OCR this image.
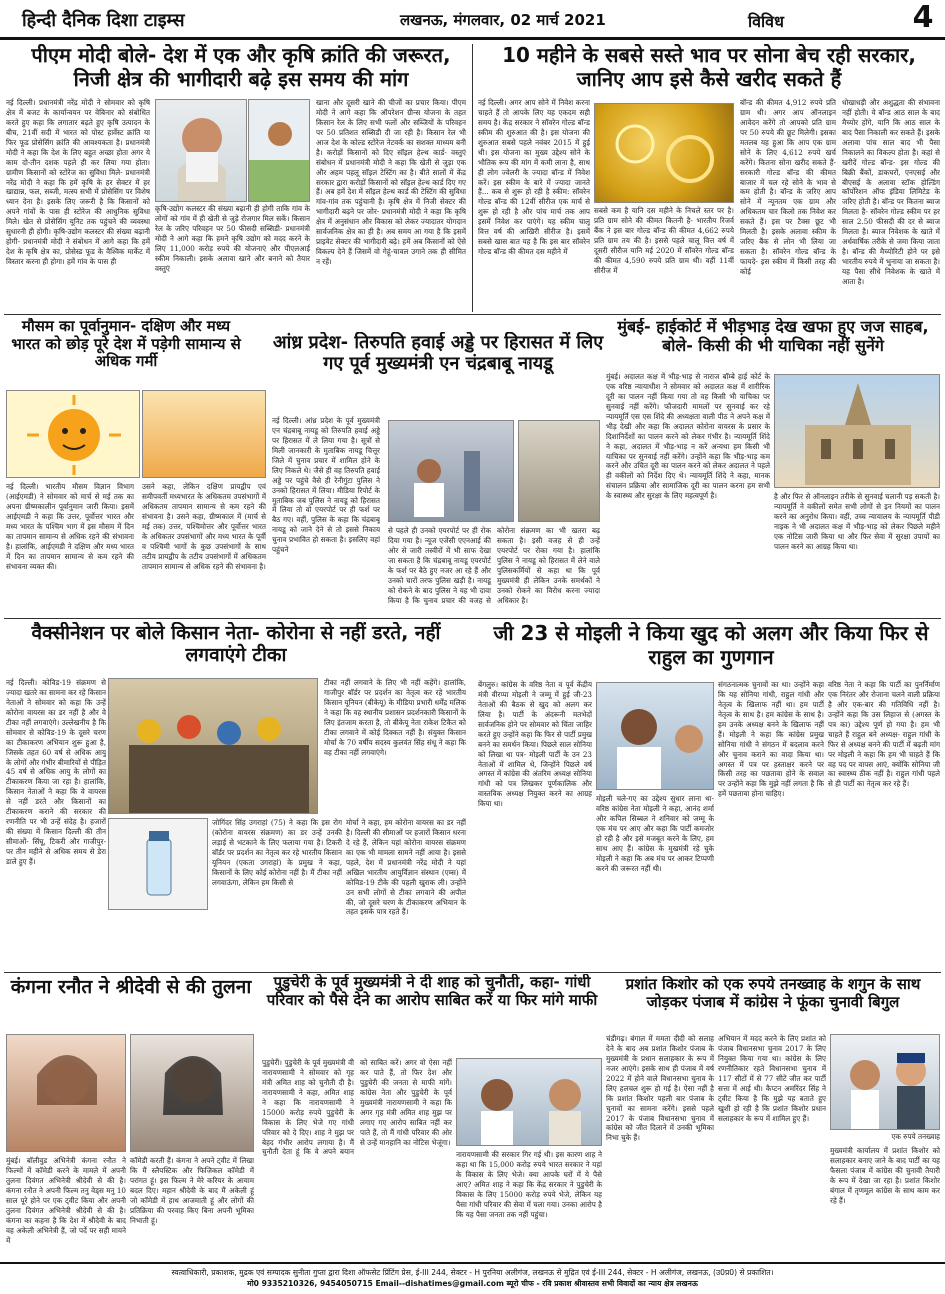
हिन्दी दैनिक दिशा टाइम्स	लखनऊ, मंगलवार, 02 मार्च 2021	विविध	4
पीएम मोदी बोले- देश में एक और कृषि क्रांति की जरूरत, निजी क्षेत्र की भागीदारी बढ़े इस समय की मांग
नई दिल्ली। प्रधानमंत्री नरेंद्र मोदी ने सोमवार को कृषि क्षेत्र में बजट के कार्यान्वयन पर वेबिनार को संबोधित करते हुए कहा कि लगातार बढ़ते हुए कृषि उत्पादन के बीच, 21वीं सदी में भारत को पोस्ट हार्वेस्ट क्रांति या फिर फूड प्रोसेसिंग क्रांति की आवश्यकता है। प्रधानमंत्री मोदी ने कहा कि देश के लिए बहुत अच्छा होता अगर ये काम दो-तीन दशक पहले ही कर लिया गया होता। ग्रामीण किसानों को स्टोरेज का सुविधा मिले- प्रधानमंत्री नरेंद्र मोदी ने कहा कि हमें कृषि के हर सेक्टर में हर खाद्यान्न, फल, सब्जी, मत्स्य सभी में प्रोसेसिंग पर विशेष ध्यान देना है। इसके लिए जरूरी है कि किसानों को अपने गांवों के पास ही स्टोरेज की आधुनिक सुविधा मिले। खेत से प्रोसेसिंग यूनिट तक पहुंचने की व्यवस्था सुधारनी ही होगी। कृषि-उद्योग कलस्टर की संख्या बढ़ानी होगी- प्रधानमंत्री मोदी ने संबोधन में आगे कहा कि हमें देश के कृषि क्षेत्र का, प्रोसेस्ड फूड के वैश्विक मार्केट में विस्तार करना ही होगा। हमें गांव के पास ही
क़ृषि-उद्योग कलस्टर की संख्या बढ़ानी ही होगी ताकि गांव के लोगों को गांव में ही खेती से जुड़े रोजगार मिल सकें। किसान रेल के जरिए परिवहन पर 50 फीसदी सब्सिडी- प्रधानमंत्री मोदी ने आगे कहा कि हमने कृषि उद्योग को मदद करने के लिए 11,000 करोड़ रुपये की योजनाएं और पीएलआई स्कीम निकाली। इसके अलावा खाने और बनाने को तैयार वस्तुएं
खाना और दूसरी खाने की चीजों का प्रचार किया। पीएम मोदी ने आगे कहा कि ऑपरेशन ग्रीन्स योजना के तहत किसान रेल के लिए सभी फलों और सब्जियों के परिवहन पर 50 प्रतिशत सब्सिडी दी जा रही है। किसान रेल भी आज देश के कोल्ड स्टोरेज नेटवर्क का सशक्त माध्यम बनी है। करोड़ों किसानों को दिए सॉइल हेल्थ कार्ड- वस्तुएं संबोधन में प्रधानमंत्री मोदी ने कहा कि खेती से जुड़ा एक और अहम पहलू सॉइल टेस्टिंग का है। बीते सालों में केंद्र सरकार द्वारा करोड़ों किसानों को सॉइल हेल्थ कार्ड दिए गए हैं। अब हमें देश में सॉइल हेल्थ कार्ड की टेस्टिंग की सुविधा गांव-गांव तक पहुंचानी है। कृषि क्षेत्र में निजी सेक्टर की भागीदारी बढ़ने पर जोर- प्रधानमंत्री मोदी ने कहा कि कृषि क्षेत्र में अनुसंधान और विकास को लेकर ज्यादातर योगदान सार्वजनिक क्षेत्र का ही है। अब समय आ गया है कि इसमें प्राइवेट सेक्टर की भागीदारी बढ़े। हमें अब किसानों को ऐसे विकल्प देने हैं जिसमें वो गेहूं-चावल उगाने तक ही सीमित न रहें।
10 महीने के सबसे सस्ते भाव पर सोना बेच रही सरकार, जानिए आप इसे कैसे खरीद सकते हैं
नई दिल्ली। अगर आप सोने में निवेश करना चाहते हैं तो आपके लिए यह एकदम सही समय है। केंद्र सरकार ने सॉवरेन गोल्ड बॉन्ड स्कीम की शुरुआत की है। इस योजना की शुरुआत सबसे पहले नवंबर 2015 में हुई थी। इस योजना का मुख्य उद्देश्य सोने के भौतिक रूप की मांग में कमी लाना है, साथ ही लोग ज्वेलरी के ज्यादा बॉन्ड में निवेश करें। इस स्कीम के बारे में ज्यादा जानते हैं... कब से शुरू हो रही है स्कीम: सॉवरेन गोल्ड बॉन्ड की 12वीं सीरीज एक मार्च से शुरू हो रही है और पांच मार्च तक आप इसमें निवेश कर पाएंगे। यह स्कीम चालू वित्त वर्ष की आखिरी सीरीज है। इसमें सबसे खास बात यह है कि इस बार सॉवरेन गोल्ड बॉन्ड की कीमत दस महीने में
सबसे कम है यानि दस महीने के निचले स्तर पर है। प्रति ग्राम सोने की कीमत कितनी है- भारतीय रिजर्व बैंक ने इस बार गोल्ड बॉन्ड की कीमत 4,662 रुपये प्रति ग्राम तय की है। इससे पहले चालू वित्त वर्ष में दूसरी सीरीज यानि मई 2020 में सॉवरेन गोल्ड बॉन्ड की कीमत 4,590 रुपये प्रति ग्राम थी। वहीं 11वीं सीरीज में
बॉन्ड की कीमत 4,912 रुपये प्रति ग्राम थी। अगर आप ऑनलाइन आवेदन करेंगे तो आपको प्रति ग्राम पर 50 रुपये की छूट मिलेगी। इसका मतलब यह हुआ कि आप एक ग्राम सोने के लिए 4,612 रुपये खर्च करेंगे। कितना सोना खरीद सकते हैं- सरकारी गोल्ड बॉन्ड की कीमत बाजार में चल रहे सोने के भाव से कम होती है। बॉन्ड के जरिए आप सोने में न्यूनतम एक ग्राम और अधिकतम चार किलो तक निवेश कर सकते हैं। इस पर टैक्स छूट भी मिलती है। इसके अलावा स्कीम के जरिए बैंक से लोन भी लिया जा सकता है। सॉवरेन गोल्ड बॉन्ड के फायदे- इस स्कीम में किसी तरह की कोई
धोखाधड़ी और अशुद्धता की संभावना नहीं होती। ये बॉन्ड आठ साल के बाद मैच्योर होंगे, यानि कि आठ साल के बाद पैसा निकाली कर सकते हैं। इसके अलावा पांच साल बाद भी पैसा निकालने का विकल्प होता है। कहां से खरीदें गोल्ड बॉन्ड- इस गोल्ड की बिक्री बैंकों, डाकघरों, एनएसई और बीएसई के अलावा स्टॉक होल्डिंग कॉर्पोरेशन ऑफ इंडिया लिमिटेड के जरिए होती है। बॉन्ड पर कितना ब्याज मिलता है- सॉवरेन गोल्ड स्कीम पर हर साल 2.50 फीसदी की दर से ब्याज मिलता है। ब्याज निवेशक के खाते में अर्धवार्षिक तरीके से जमा किया जाता है। बॉन्ड की मैच्योरिटी होने पर इसे भारतीय रुपये में भुनाया जा सकता है। यह पैसा सीधे निवेशक के खाते में आता है।
मौसम का पूर्वानुमान- दक्षिण और मध्य भारत को छोड़ पूरे देश में पड़ेगी सामान्य से अधिक गर्मी
नई दिल्ली। भारतीय मौसम विज्ञान विभाग (आईएमडी) ने सोमवार को मार्च से मई तक का अपना ग्रीष्मकालीन पूर्वानुमान जारी किया। इसमें आईएमडी ने कहा कि उत्तर, पूर्वोत्तर भारत और मध्य भारत के पश्चिम भाग में इस मौसम में दिन का तापमान सामान्य से अधिक रहने की संभावना है। हालांकि, आईएमडी ने दक्षिण और मध्य भारत में दिन का तापमान सामान्य से कम रहने की संभावना व्यक्त की।
उसने कहा, लेकिन दक्षिण प्रायद्वीप एवं समीपवर्ती मध्यभारत के अधिकतम उपसंभागों में अधिकतम तापमान सामान्य से कम रहने की संभावना है। उसने कहा, ग्रीष्मकाल में (मार्च से मई तक) उत्तर, पश्चिमोत्तर और पूर्वोत्तर भारत के अधिकतर उपसंभागों और मध्य भारत के पूर्वी व पश्चिमी भागों के कुछ उपसंभागों के साथ तटीय प्रायद्वीप के तटीय उपसंभागों में अधिकतम तापमान सामान्य से अधिक रहने की संभावना है।
आंध्र प्रदेश- तिरुपति हवाई अड्डे पर हिरासत में लिए गए पूर्व मुख्यमंत्री एन चंद्रबाबू नायडू
नई दिल्ली। आंध्र प्रदेश के पूर्व मुख्यमंत्री एन चंद्रबाबू नायडू को तिरुपति हवाई अड्डे पर हिरासत में ले लिया गया है। सूत्रों से मिली जानकारी के मुताबिक नायडू चित्तूर जिले में चुनाव प्रचार में शामिल होने के लिए निकले थे। जैसे ही वह तिरुपति हवाई अड्डे पर पहुंचे वैसे ही रेनीगुंटा पुलिस ने उनको हिरासत में लिया। मीडिया रिपोर्ट के मुताबिक जब पुलिस ने नायडू को हिरासत में लिया तो वो एयरपोर्ट पर ही फर्श पर बैठ गए। वहीं, पुलिस के कहा कि चंद्रबाबू नायडू को जाने देने से तो इससे निकाय चुनाव प्रभावित हो सकता है। इसलिए वहां पहुंचने
से पहले ही उनको एयरपोर्ट पर ही रोक दिया गया है। न्यूज एजेंसी एएनआई की ओर से जारी तस्वीरों में भी साफ देखा जा सकता है कि चंद्रबाबू नायडू एयरपोर्ट के फर्श पर बैठे हुए नजर आ रहे हैं और उनको चारों तरफ पुलिस खड़ी है। नायडू को रोकने के बाद पुलिस ने यह भी दावा किया है कि चुनाव प्रचार की वजह से कोरोना संक्रमण का भी खतरा बढ़ सकता है। इसी वजह से ही उन्हें एयरपोर्ट पर रोका गया है। हालांकि पुलिस ने नायडू को हिरासत में लेने वाले पुलिसकर्मियों से कहा था कि पूर्व मुख्यमंत्री ही लेकिन उनके समर्थकों ने उनको रोकने का विरोध करना ज्यादा अधिकार है।
मुंबई- हाईकोर्ट में भीड़भाड़ देख खफा हुए जज साहब, बोले- किसी की भी याचिका नहीं सुनेंगे
मुंबई। अदालत कक्ष में भीड़-भाड़ से नाराज बॉम्बे हाई कोर्ट के एक वरिष्ठ न्यायाधीश ने सोमवार को अदालत कक्ष में शारीरिक दूरी का पालन नहीं किया गया तो वह किसी भी याचिका पर सुनवाई नहीं करेंगे। फौजदारी मामलों पर सुनवाई कर रहे न्यायमूर्ति एस एस शिंदे की अध्यक्षता वाली पीठ ने अपने कक्ष में भीड़ देखी और कहा कि अदालत कोरोना वायरस के प्रसार के दिशानिर्देशों का पालन करने को लेकर गंभीर है। न्यायमूर्ति शिंदे ने कहा, अदालत में भीड़-भाड़ न करें अन्यथा हम किसी भी याचिका पर सुनवाई नहीं करेंगे। उन्होंने कहा कि भीड़-भाड़ कम करने और उचित दूरी का पालन करने को लेकर अदालत ने पहले ही वकीलों को निर्देश दिए थे। न्यायमूर्ति शिंदे ने कहा, मानक संचालन प्रक्रिया और सामाजिक दूरी का पालन करना हम सभी के स्वास्थ्य और सुरक्षा के लिए महत्वपूर्ण है।	है और फिर से ऑनलाइन तरीके से सुनवाई चलानी पड़ सकती है। न्यायमूर्ति ने वकीलों समेत सभी लोगों से इन नियमों का पालन करने का अनुरोध किया। वहीं, उच्च न्यायालय के न्यायमूर्ति पीडी नाइक ने भी अदालत कक्ष में भीड़-भाड़ को लेकर पिछले महीने एक नोटिस जारी किया था और फिर सेवा में सुरक्षा उपायों का पालन करने का आग्रह किया था।
वैक्सीनेशन पर बोले किसान नेता- कोरोना से नहीं डरते, नहीं लगवाएंगे टीका
नई दिल्ली। कोविड-19 संक्रमण से ज्यादा खतरे का सामना कर रहे किसान नेताओं ने सोमवार को कहा कि उन्हें कोरोना वायरस का डर नहीं है और वे टीका नहीं लगवाएंगे। उल्लेखनीय है कि सोमवार से कोविड-19 के दूसरे चरण का टीकाकरण अभियान शुरू हुआ है, जिसके तहत 60 वर्ष से अधिक आयु के लोगों और गंभीर बीमारियों से पीड़ित 45 वर्ष से अधिक आयु के लोगों का टीकाकरण किया जा रहा है। हालांकि, किसान नेताओं ने कहा कि वे वायरस से नहीं डरते और किसानों का टीकाकरण कराने की सरकार की रणनीति पर भी उन्हें संदेह है। हजारों की संख्या में किसान दिल्ली की तीन सीमाओं- सिंघू, टिकरी और गाजीपुर- पर तीन महीने से अधिक समय से डेरा डाले हुए हैं।
टीका नहीं लगवाने के लिए भी नहीं कहेंगे। हालांकि, गाजीपुर बॉर्डर पर प्रदर्शन का नेतृत्व कर रहे भारतीय किसान यूनियन (बीकेयू) के मीडिया प्रभारी धर्मेंद्र मलिक ने कहा कि वह स्थानीय प्रशासन प्रदर्शनकारी किसानों के लिए इंतजाम करता है, तो बीकेयू नेता राकेश टिकैत को टीका लगवाने में कोई दिक्कत नहीं है। संयुक्त किसान मोर्चा के 70 वर्षीय सदस्य कुलवंत सिंह संधू ने कहा कि वह टीका नहीं लगवाएंगे।
जोगिंदर सिंह उगराहां (75) ने कहा कि इस रोग (कोरोना वायरस संक्रमण) का डर उन्हें उनकी लड़ाई से भटकाने के लिए फलाया गया है। टिकरी बॉर्डर पर प्रदर्शन का नेतृत्व कर रहे भारतीय किसान यूनियन (एकता उगराहां) के प्रमुख ने कहा, किसानों के लिए कोई कोरोना नहीं है। मैं टीका नहीं लगवाऊंगा, लेकिन हम किसी से
मोर्चा ने कहा, हम कोरोना वायरस का डर नहीं है। दिल्ली की सीमाओं पर हजारों किसान धरना दे रहे हैं, लेकिन यहां कोरोना वायरस संक्रमण का एक भी मामला सामने नहीं आया है। इससे पहले, देश में प्रधानमंत्री नरेंद्र मोदी ने यहां अखिल भारतीय आयुर्विज्ञान संस्थान (एम्स) में कोविड-19 टीके की पहली खुराक ली। उन्होंने उन सभी लोगों से टीका लगवाने की अपील की, जो दूसरे चरण के टीकाकरण अभियान के तहत इसके पात्र रहते हैं।
जी 23 से मोइली ने किया खुद को अलग और किया फिर से राहुल का गुणगान
बेंगलुरु। कांग्रेस के वरिष्ठ नेता व पूर्व केंद्रीय मंत्री वीरप्पा मोइली ने जम्मू में हुई जी-23 नेताओं की बैठक से खुद को अलग कर लिया है। पार्टी के अंदरूनी मतभेदों सार्वजनिक होने पर सोमवार को चिंता जाहिर करते हुए उन्होंने कहा कि फिर से पार्टी प्रमुख बनने का समर्थन किया। पिछले साल सोनिया को लिखा था पत्र- मोइली पार्टी के उन 23 नेताओं में शामिल थे, जिन्होंने पिछले वर्ष अगस्त में कांग्रेस की अंतरिम अध्यक्ष सोनिया गांधी को पत्र लिखकर पूर्णकालिक और वास्तविक अध्यक्ष नियुक्त करने का आग्रह किया था।
मोइली चले-गए का उद्देश्य सुधार लाना था- वरिष्ठ कांग्रेस नेता मोइली ने कहा, आनंद शर्मा और कपिल सिब्बल ने शनिवार को जम्मू के एक मंच पर आए और कहा कि पार्टी कमजोर हो रही है और इसे मजबूत करने के लिए, हम साथ आए हैं। कांग्रेस के मुखमंत्री रहे चुके मोइली ने कहा कि अब मंच पर आकर टिप्पणी करने की जरूरत नहीं थी।
संगठनात्मक चुनावों का था। उन्होंने कहा कि यह सोनिया गांधी, राहुल गांधी और नेतृत्व के खिलाफ नहीं था। हम पार्टी नेतृत्व के साथ है। हम कांग्रेस के साथ है। हम उनके अध्यक्ष बनने के खिलाफ नहीं हैं। मोइली ने कहा कि कांग्रेस प्रमुख सोनिया गांधी ने संगठन में बदलाव करने और चुनाव कराने का वादा किया था। अगस्त में पत्र पर हस्ताक्षर करने पर किसी तरह का पछतावा होने के सवाल पर उन्होंने कहा कि मुझे नहीं लगता है कि हमें पछतावा होना चाहिए।
वरिष्ठ नेता ने कहा कि पार्टी का पुनर्निर्माण एक निरंतर और रोजाना चलने वाली प्रक्रिया है और एक-बार की गतिविधि नहीं है। उन्होंने कहा कि उस लिहाज से (अगस्त के पत्र का) उद्देश्य पूर्ण हो गया है। हम भी चाहते हैं राहुल बने अध्यक्ष- राहुल गांधी के फिर से अध्यक्ष बनने की पार्टी में बढ़ती मांग पर मोइली ने कहा कि हम भी चाहते हैं कि वह पद पर वापस आएं, क्योंकि सोनिया जी का स्वास्थ्य ठीक नहीं है। राहुल गांधी पहले से ही पार्टी का नेतृत्व कर रहे हैं।
कंगना रनौत ने श्रीदेवी से की तुलना
मुंबई। बॉलीवुड अभिनेत्री कंगना रनौत ने फिल्मों में कॉमेडी करने के मामले में अपनी तुलना दिवंगत अभिनेत्री श्रीदेवी से की है। कंगना रनौत ने अपनी फिल्म तनु वेड्स मनु 10 साल पूरे होने पर एक ट्वीट किया और अपनी तुलना दिवंगत अभिनेत्री श्रीदेवी से की है। कंगना का कहना है कि देश में श्रीदेवी के बाद वह अकेली अभिनेत्री हैं, जो पर्दे पर सही मायने में
कॉमेडी करती हैं। कंगना ने अपने ट्वीट में लिखा कि मैं स्लैपस्टिक और फिजिकल कॉमेडी में परांगत हूं। इस फिल्म ने मेरे करियर के आयाम बदल दिए। महान श्रीदेवी के बाद मैं अकेली हूं जो कॉमेडी में हाथ आजमाती हूं और लोगों की प्रतिक्रिया की परवाह किए बिना अपनी भूमिका निभाती हूं।
पुडुचेरी के पूर्व मुख्यमंत्री ने दी शाह को चुनौती, कहा- गांधी परिवार को पैसे देने का आरोप साबित करें या फिर मांगे माफी
पुडुचेरी। पुडुचेरी के पूर्व मुख्यमंत्री वी नारायणसामी ने सोमवार को गृह मंत्री अमित शाह को चुनौती दी है। नारायणसामी ने कहा, अमित शाह ने कहा कि नारायणसामी ने 15000 करोड़ रुपये पुडुचेरी के विकास के लिए भेजे गए गांधी परिवार को दे दिए। शाह ने मुझ पर बेहद गंभीर आरोप लगाया है। मैं चुनौती देता हूं कि वे अपने बयान को साबित करें। अगर वो ऐसा नहीं कर पाते हैं, तो फिर देश और पुडुचेरी की जनता से माफी मांगें। कांग्रेस नेता और पुडुचेरी के पूर्व मुख्यमंत्री नारायणसामी ने कहा कि अगर गृह मंत्री अमित शाह मुझ पर लगाए गए आरोप साबित नहीं कर पाते हैं, तो मैं गांधी परिवार की ओर से उन्हें मानहानि का नोटिस भेजूंगा।
नारायणसामी की सरकार गिर गई थी। इस कारण शाह ने कहा था कि 15,000 करोड़ रुपये भारत सरकार ने यहां के विकास के लिए भेजे। क्या आपके घरों में ये पैसे आए? अमित शाह ने कहा कि केंद्र सरकार ने पुडुचेरी के विकास के लिए 15000 करोड़ रुपये भेजे, लेकिन यह पैसा गांधी परिवार की सेवा में चला गया। उनका आरोप है कि यह पैसा जनता तक नहीं पहुंचा।
प्रशांत किशोर को एक रुपये तनख्वाह के शगुन के साथ जोड़कर पंजाब में कांग्रेस ने फूंका चुनावी बिगुल
चंडीगढ़। बंगाल में ममता दीदी को सलाह देने के बाद अब प्रशांत किशोर पंजाब के मुख्यमंत्री के प्रधान सलाहकार के रूप में नजर आएंगे। इसके साथ ही पंजाब में वर्ष 2022 में होने वाले विधानसभा चुनाव के लिए हलचल शुरू हो गई है। ऐसा नहीं है कि प्रशांत किशोर पहली बार पंजाब के चुनावों का सामना करेंगे। इससे पहले 2017 के पंजाब विधानसभा चुनाव में कांग्रेस को जीत दिलाने में उनकी भूमिका निभा चुके हैं।
अभियान में मदद करने के लिए प्रशांत को पंजाब विधानसभा चुनाव 2017 के लिए नियुक्त किया गया था। कांग्रेस के लिए रणनीतिकार रहते विधानसभा चुनाव में 117 सीटों में से 77 सीटें जीत कर पार्टी सत्ता में आई थी। कैप्टन अमरिंदर सिंह ने ट्वीट किया है कि मुझे यह बताते हुए खुशी हो रही है कि प्रशांत किशोर प्रधान सलाहकार के रूप में शामिल हुए हैं।
एक रुपये तनख्वाह
मुख्यमंत्री कार्यालय में प्रशांत किशोर को सलाहकार बनाए जाने के बाद पार्टी का यह फैसला पंजाब में कांग्रेस की चुनावी तैयारी के रूप में देखा जा रहा है। प्रशांत किशोर बंगाल में तृणमूल कांग्रेस के साथ काम कर रहे हैं।
स्वत्वाधिकारी, प्रकाशक, मुद्रक एवं सम्पादक सुनीता गुप्ता द्वारा दिशा ऑफसेट प्रिंटिंग प्रेस, ई-III 244, सेक्टर - H पुरनिया अलीगंज, लखनऊ से मुद्रित एवं ई-III 244, सेक्टर - H अलीगंज, लखनऊ, (उ0प्र0) से प्रकाशित।
मो0 9335210326, 9454050715 Email--dishatimes@gmail.com ब्यूरो चीफ - रवि प्रकाश श्रीवास्तव सभी विवादों का न्याय क्षेत्र लखनऊ
